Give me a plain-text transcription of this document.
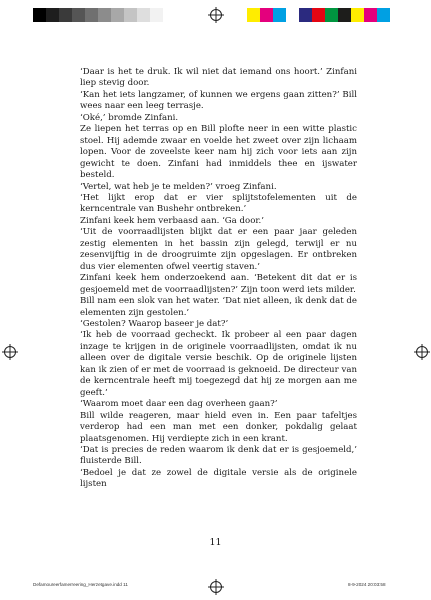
‘Daar is het te druk. Ik wil niet dat iemand ons hoort.’ Zinfani liep stevig door.

‘Kan het iets langzamer, of kunnen we ergens gaan zitten?’ Bill wees naar een leeg terrasje.

‘Oké,’ bromde Zinfani.

Ze liepen het terras op en Bill plofte neer in een witte plastic stoel. Hij ademde zwaar en voelde het zweet over zijn lichaam lopen. Voor de zoveelste keer nam hij zich voor iets aan zijn gewicht te doen. Zinfani had inmiddels thee en ijswater besteld.

‘Vertel, wat heb je te melden?’ vroeg Zinfani.

‘Het lijkt erop dat er vier splijtstofelementen uit de kerncentrale van Bushehr ontbreken.’

Zinfani keek hem verbaasd aan. ‘Ga door.’

‘Uit de voorraadlijsten blijkt dat er een paar jaar geleden zestig elementen in het bassin zijn gelegd, terwijl er nu zesenvijftig in de droogruimte zijn opgeslagen. Er ontbreken dus vier elementen ofwel veertig staven.’

Zinfani keek hem onderzoekend aan. ‘Betekent dit dat er is gesjoemeld met de voorraadlijsten?’ Zijn toon werd iets milder.

Bill nam een slok van het water. ‘Dat niet alleen, ik denk dat de elementen zijn gestolen.’

‘Gestolen? Waarop baseer je dat?’

‘Ik heb de voorraad gecheckt. Ik probeer al een paar dagen inzage te krijgen in de originele voorraadlijsten, omdat ik nu alleen over de digitale versie beschik. Op de originele lijsten kan ik zien of er met de voorraad is geknoeid. De directeur van de kerncentrale heeft mij toegezegd dat hij ze morgen aan me geeft.’

‘Waarom moet daar een dag overheen gaan?’

Bill wilde reageren, maar hield even in. Een paar tafeltjes verderop had een man met een donker, pokdalig gelaat plaatsgenomen. Hij verdiepte zich in een krant.

‘Dat is precies de reden waarom ik denk dat er is gesjoemeld,’ fluisterde Bill.

‘Bedoel je dat ze zowel de digitale versie als de originele lijsten

11
Defamoureerfamerreering_Herzetgave.indd 11	8-9-2024 20:03:58
